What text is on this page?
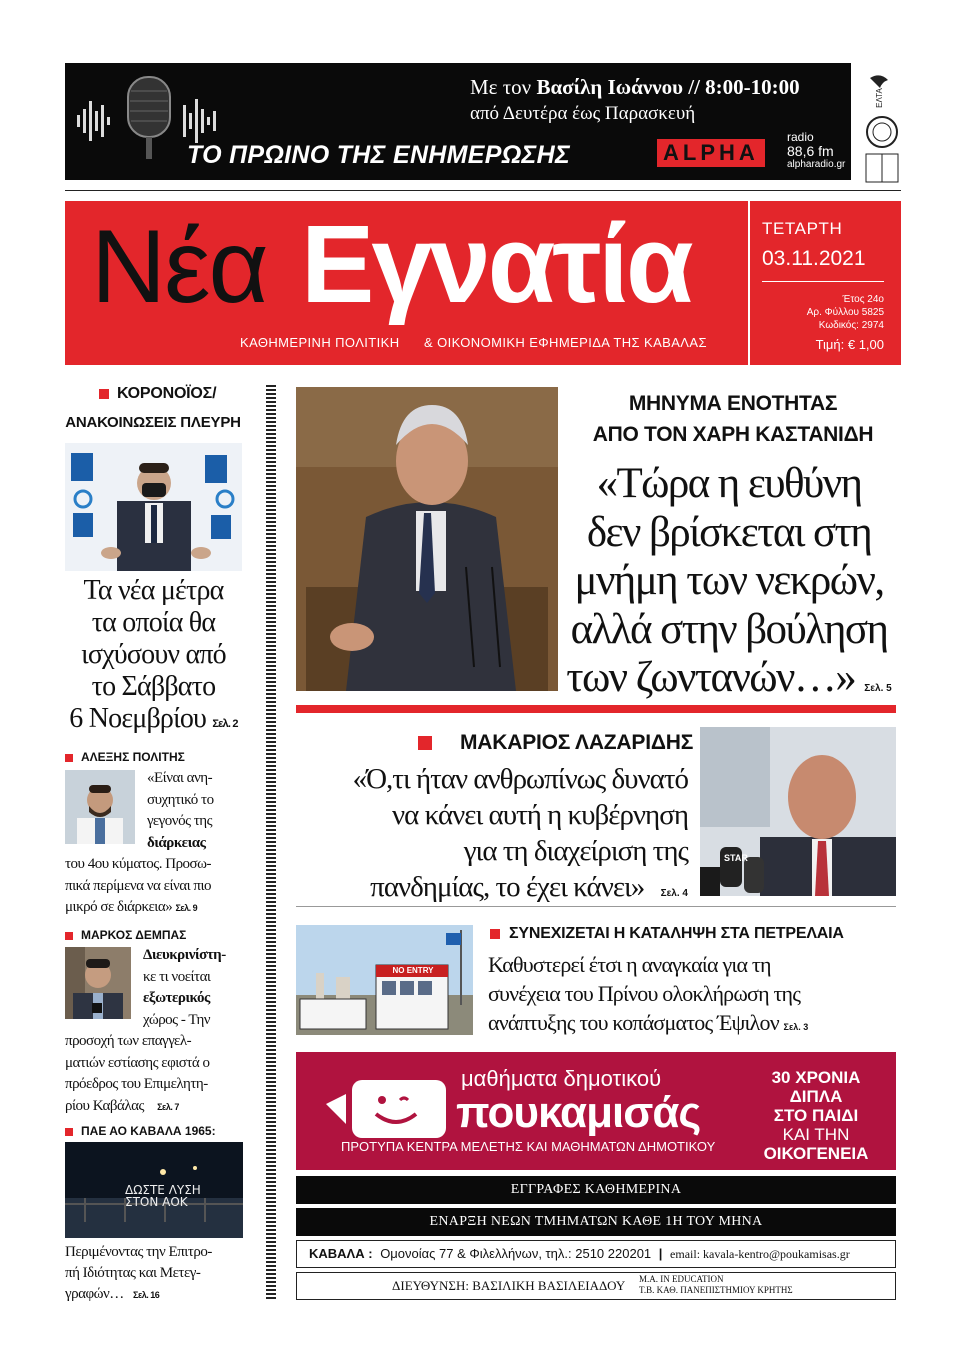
Με τον Βασίλη Ιωάννου // 8:00-10:00
από Δευτέρα έως Παρασκευή
ΤΟ ΠΡΩΙΝΟ ΤΗΣ ΕΝΗΜΕΡΩΣΗΣ	ALPHA
radio
88,6 fm
alpharadio.gr
ΕΛΤΑ
Νέα Εγνατία
ΚΑΘΗΜΕΡΙΝΗ ΠΟΛΙΤΙΚΗ & ΟΙΚΟΝΟΜΙΚΗ ΕΦΗΜΕΡΙΔΑ ΤΗΣ ΚΑΒΑΛΑΣ
ΤΕΤΑΡΤΗ
03.11.2021
Έτος 24ο
Αρ. Φύλλου 5825
Κωδικός: 2974
Τιμή: € 1,00
ΚΟΡΟΝΟΪΟΣ/
ΑΝΑΚΟΙΝΩΣΕΙΣ ΠΛΕΥΡΗ
Τα νέα μέτρα
τα οποία θα
ισχύσουν από
το Σάββατο
6 Νοεμβρίου Σελ. 2
ΑΛΕΞΗΣ ΠΟΛΙΤΗΣ
«Είναι ανη-
συχητικό το
γεγονός της
διάρκειας
του 4ου κύματος. Προσω-
πικά περίμενα να είναι πιο
μικρό σε διάρκεια» Σελ. 9
ΜΑΡΚΟΣ ΔΕΜΠΑΣ
Διευκρινίστη-
κε τι νοείται
εξωτερικός
χώρος - Την
προσοχή των επαγγελ-
ματιών εστίασης εφιστά ο
πρόεδρος του Επιμελητη-
ρίου Καβάλας Σελ. 7
ΠΑΕ ΑΟ ΚΑΒΑΛΑ 1965:
ΔΩΣΤΕ ΛΥΣΗ ΣΤΟΝ ΑΟΚ
Περιμένοντας την Επιτρο-
πή Ιδιότητας και Μετεγ-
γραφών… Σελ. 16
ΜΗΝΥΜΑ ΕΝΟΤΗΤΑΣ
ΑΠΟ ΤΟΝ ΧΑΡΗ ΚΑΣΤΑΝΙΔΗ
«Τώρα η ευθύνη
δεν βρίσκεται στη
μνήμη των νεκρών,
αλλά στην βούληση
των ζωντανών…» Σελ. 5
ΜΑΚΑΡΙΟΣ ΛΑΖΑΡΙΔΗΣ
«Ό,τι ήταν ανθρωπίνως δυνατό
να κάνει αυτή η κυβέρνηση
για τη διαχείριση της
πανδημίας, το έχει κάνει» Σελ. 4
STAR
NO ENTRY
ΣΥΝΕΧΙΖΕΤΑΙ Η ΚΑΤΑΛΗΨΗ ΣΤΑ ΠΕΤΡΕΛΑΙΑ
Καθυστερεί έτσι η αναγκαία για τη
συνέχεια του Πρίνου ολοκλήρωση της
ανάπτυξης του κοπάσματος Έψιλον Σελ. 3
μαθήματα δημοτικού
πουκαμισάς
ΠΡΟΤΥΠΑ ΚΕΝΤΡΑ ΜΕΛΕΤΗΣ ΚΑΙ ΜΑΘΗΜΑΤΩΝ ΔΗΜΟΤΙΚΟΥ
30 ΧΡΟΝΙΑ
ΔΙΠΛΑ
ΣΤΟ ΠΑΙΔΙ
ΚΑΙ ΤΗΝ
ΟΙΚΟΓΕΝΕΙΑ
ΕΓΓΡΑΦΕΣ ΚΑΘΗΜΕΡΙΝΑ
ΕΝΑΡΞΗ ΝΕΩΝ ΤΜΗΜΑΤΩΝ ΚΑΘΕ 1Η ΤΟΥ ΜΗΝΑ
ΚΑΒΑΛΑ : Ομονοίας 77 & Φιλελλήνων, τηλ.: 2510 220201 | email: kavala-kentro@poukamisas.gr
ΔΙΕΥΘΥΝΣΗ: ΒΑΣΙΛΙΚΗ ΒΑΣΙΛΕΙΑΔΟΥ Μ.Α. IN EDUCATION
Τ.Β. ΚΑΘ. ΠΑΝΕΠΙΣΤΗΜΙΟΥ ΚΡΗΤΗΣ
